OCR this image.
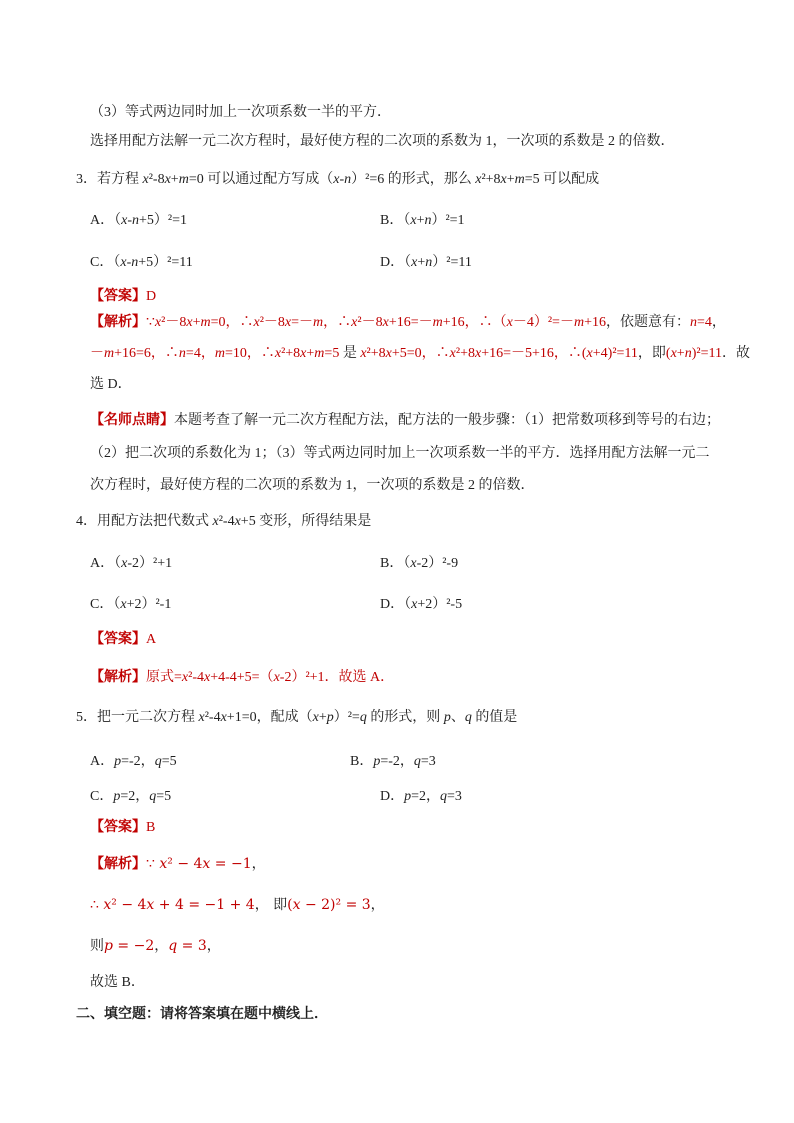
（3）等式两边同时加上一次项系数一半的平方．
选择用配方法解一元二次方程时，最好使方程的二次项的系数为 1，一次项的系数是 2 的倍数．
3．若方程 x²-8x+m=0 可以通过配方写成（x-n）²=6 的形式，那么 x²+8x+m=5 可以配成
A．（x-n+5）²=1	B．（x+n）²=1
C．（x-n+5）²=11	D．（x+n）²=11
【答案】D
【解析】∵x²－8x+m=0，∴x²－8x=－m，∴x²－8x+16=－m+16，∴（x－4）²=－m+16，依题意有：n=4，
－m+16=6，∴n=4，m=10，∴x²+8x+m=5 是 x²+8x+5=0，∴x²+8x+16=－5+16，∴(x+4)²=11，即(x+n)²=11．故
选 D．
【名师点睛】本题考查了解一元二次方程配方法，配方法的一般步骤：（1）把常数项移到等号的右边；
（2）把二次项的系数化为 1；（3）等式两边同时加上一次项系数一半的平方．选择用配方法解一元二
次方程时，最好使方程的二次项的系数为 1，一次项的系数是 2 的倍数．
4．用配方法把代数式 x²-4x+5 变形，所得结果是
A．（x-2）²+1	B．（x-2）²-9
C．（x+2）²-1	D．（x+2）²-5
【答案】A
【解析】原式=x²-4x+4-4+5=（x-2）²+1．故选 A．
5．把一元二次方程 x²-4x+1=0，配成（x+p）²=q 的形式，则 p、q 的值是
A．p=-2，q=5	B．p=-2，q=3
C．p=2，q=5	D．p=2，q=3
【答案】B
【解析】∵ x² − 4x = −1，
∴ x² − 4x + 4 = −1 + 4， 即(x − 2)² = 3，
则p = −2，q = 3，
故选 B．
二、填空题：请将答案填在题中横线上．
